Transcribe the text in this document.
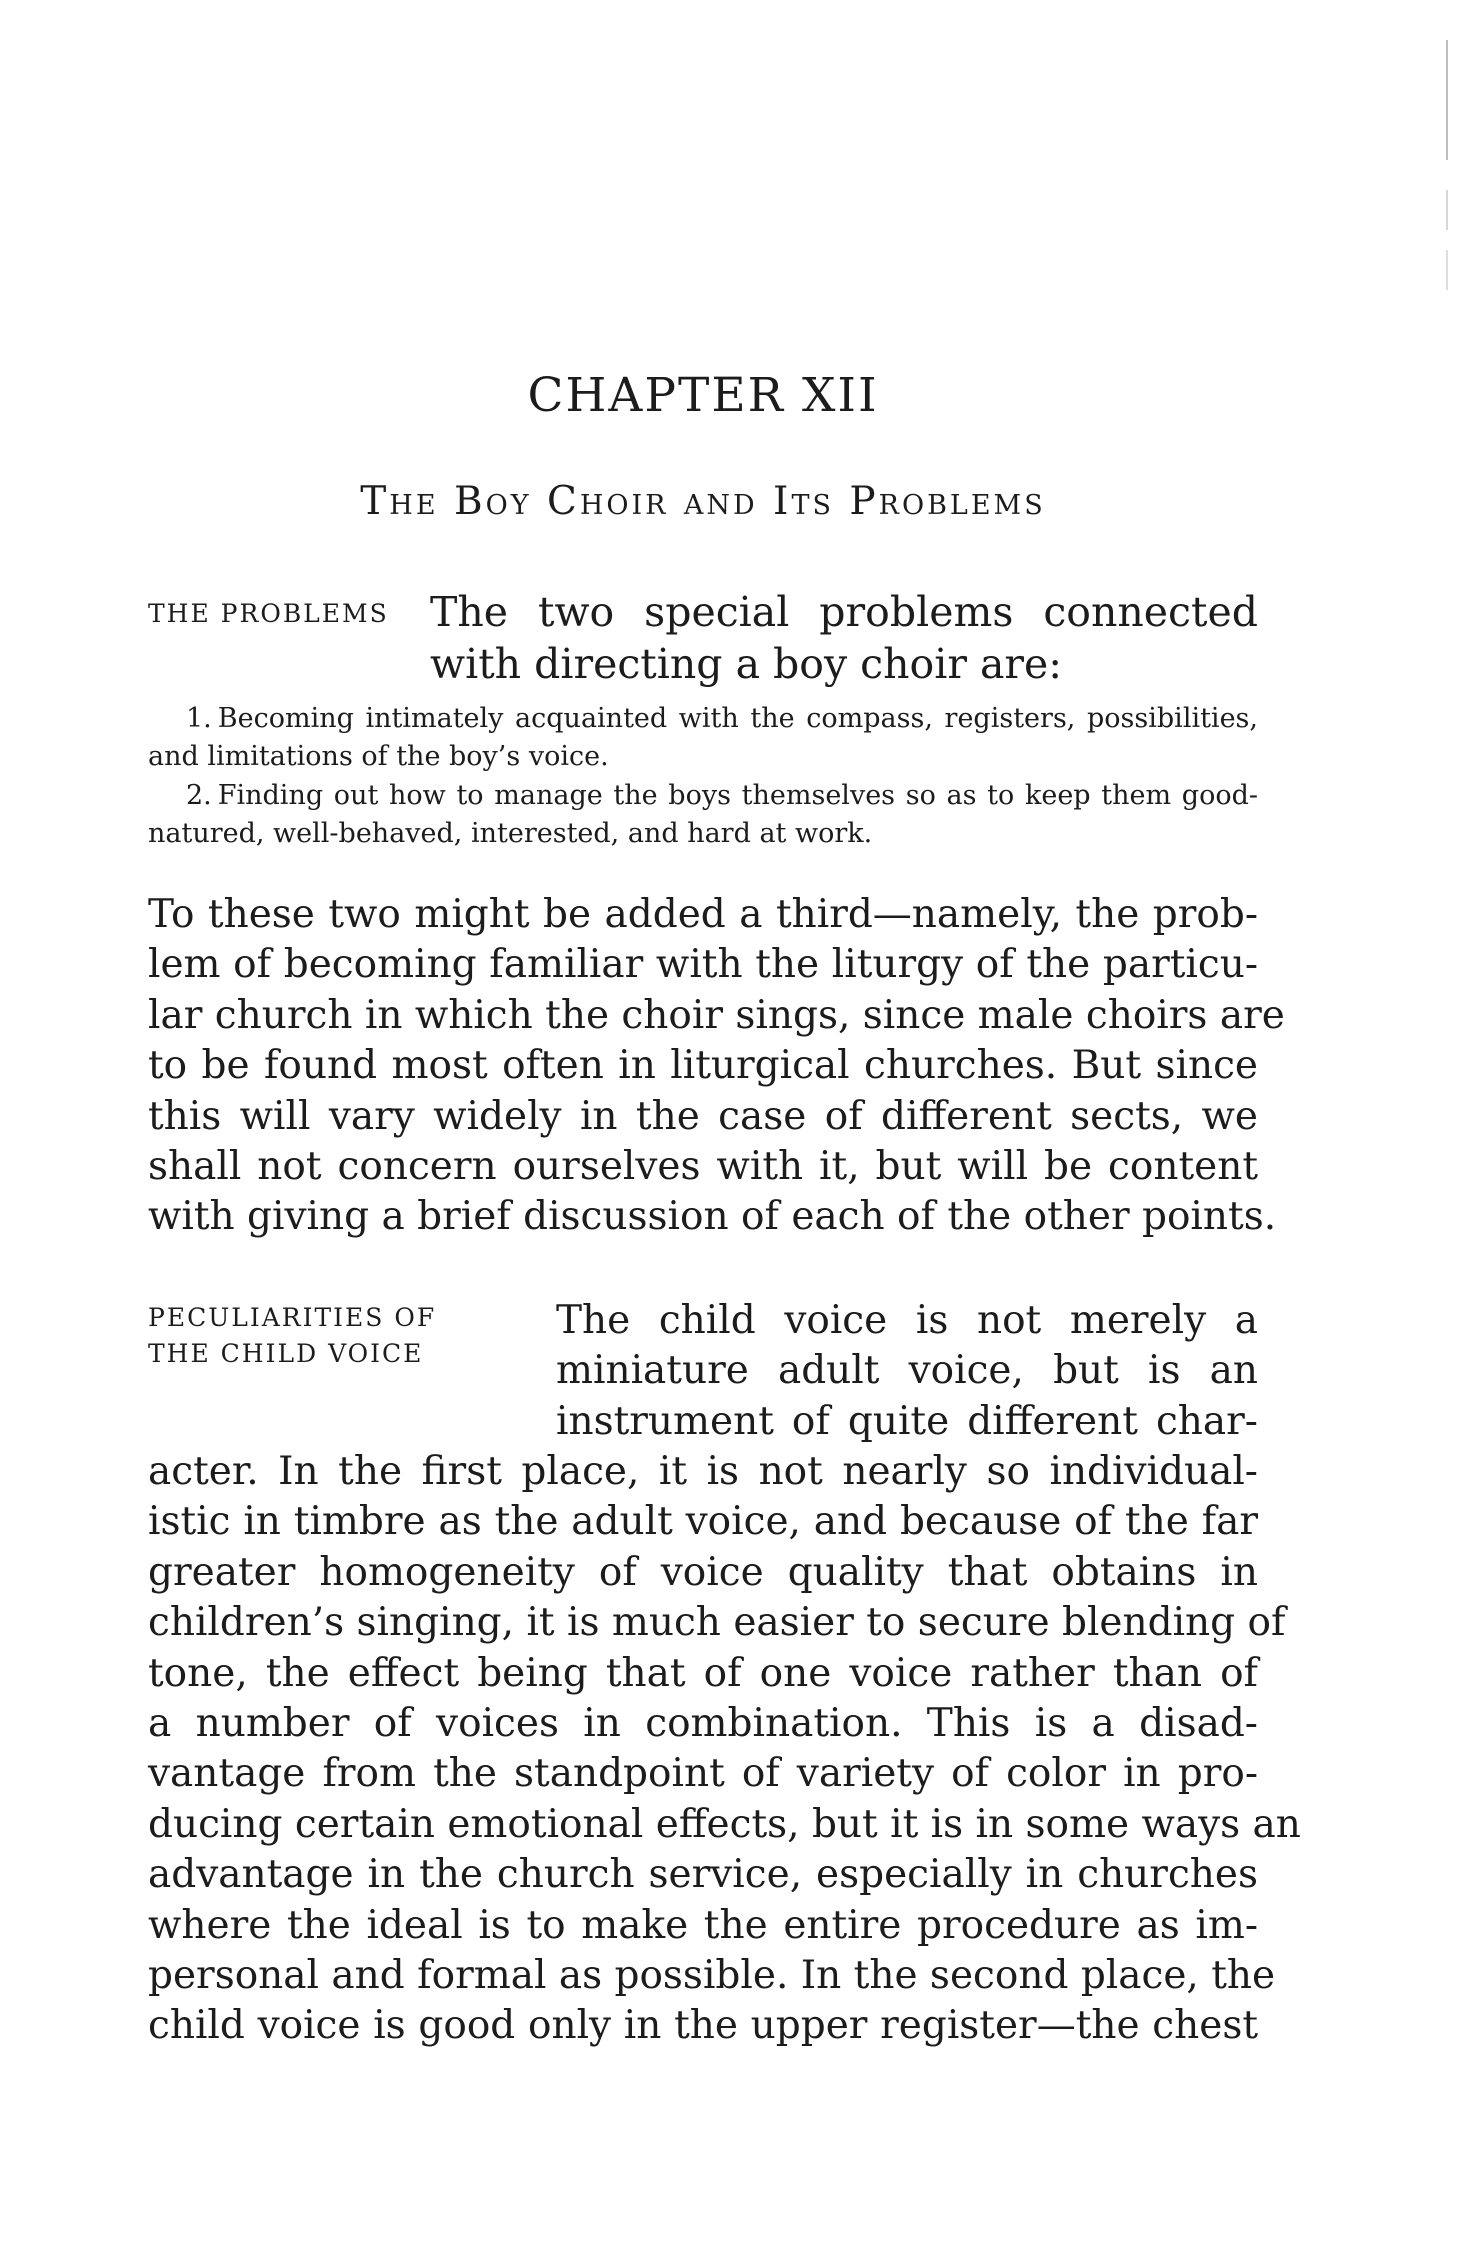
CHAPTER XII
The Boy Choir and Its Problems
THE PROBLEMS The two special problems connected
with directing a boy choir are:

1. Becoming intimately acquainted with the compass, registers, possibilities, and limitations of the boy’s voice.

2. Finding out how to manage the boys themselves so as to keep them good-natured, well-behaved, interested, and hard at work.

To these two might be added a third—namely, the prob-
lem of becoming familiar with the liturgy of the particu-
lar church in which the choir sings, since male choirs are
to be found most often in liturgical churches. But since
this will vary widely in the case of different sects, we
shall not concern ourselves with it, but will be content
with giving a brief discussion of each of the other points.
PECULIARITIES OF
THE CHILD VOICE
The child voice is not merely a
miniature adult voice, but is an
instrument of quite different char-
acter. In the first place, it is not nearly so individual-
istic in timbre as the adult voice, and because of the far
greater homogeneity of voice quality that obtains in
children’s singing, it is much easier to secure blending of
tone, the effect being that of one voice rather than of
a number of voices in combination. This is a disad-
vantage from the standpoint of variety of color in pro-
ducing certain emotional effects, but it is in some ways an
advantage in the church service, especially in churches
where the ideal is to make the entire procedure as im-
personal and formal as possible. In the second place, the
child voice is good only in the upper register—the chest
